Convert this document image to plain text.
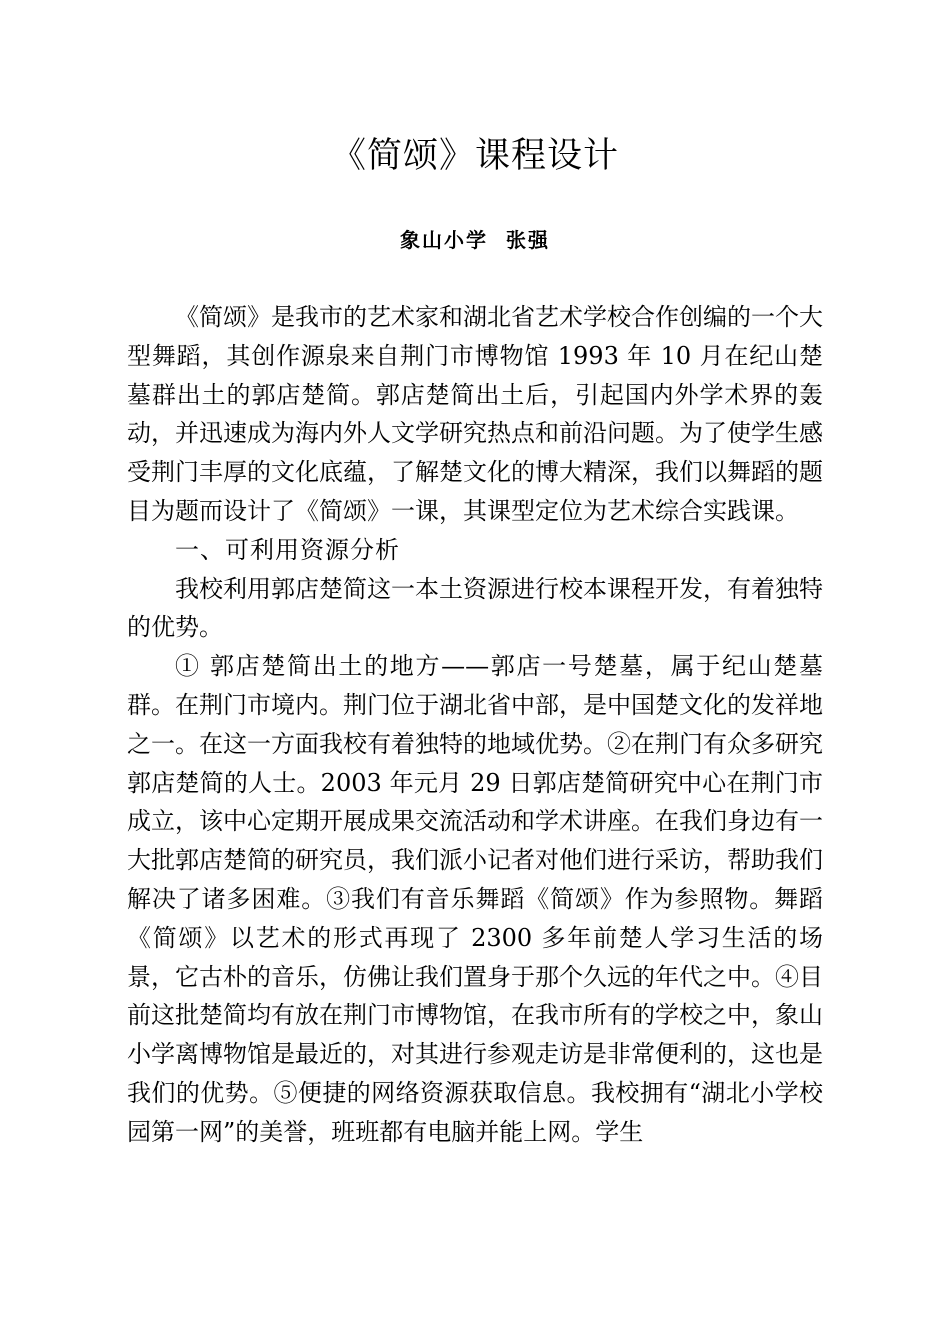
《简颂》课程设计
象山小学 张强

《简颂》是我市的艺术家和湖北省艺术学校合作创编的一个大型舞蹈，其创作源泉来自荆门市博物馆 1993 年 10 月在纪山楚墓群出土的郭店楚简。郭店楚简出土后，引起国内外学术界的轰动，并迅速成为海内外人文学研究热点和前沿问题。为了使学生感受荆门丰厚的文化底蕴，了解楚文化的博大精深，我们以舞蹈的题目为题而设计了《简颂》一课，其课型定位为艺术综合实践课。

一、可利用资源分析

我校利用郭店楚简这一本土资源进行校本课程开发，有着独特的优势。

① 郭店楚简出土的地方——郭店一号楚墓，属于纪山楚墓群。在荆门市境内。荆门位于湖北省中部，是中国楚文化的发祥地之一。在这一方面我校有着独特的地域优势。②在荆门有众多研究郭店楚简的人士。2003 年元月 29 日郭店楚简研究中心在荆门市成立，该中心定期开展成果交流活动和学术讲座。在我们身边有一大批郭店楚简的研究员，我们派小记者对他们进行采访，帮助我们解决了诸多困难。③我们有音乐舞蹈《简颂》作为参照物。舞蹈《简颂》以艺术的形式再现了 2300 多年前楚人学习生活的场景，它古朴的音乐，仿佛让我们置身于那个久远的年代之中。④目前这批楚简均有放在荆门市博物馆，在我市所有的学校之中，象山小学离博物馆是最近的，对其进行参观走访是非常便利的，这也是我们的优势。⑤便捷的网络资源获取信息。我校拥有“湖北小学校园第一网”的美誉，班班都有电脑并能上网。学生
